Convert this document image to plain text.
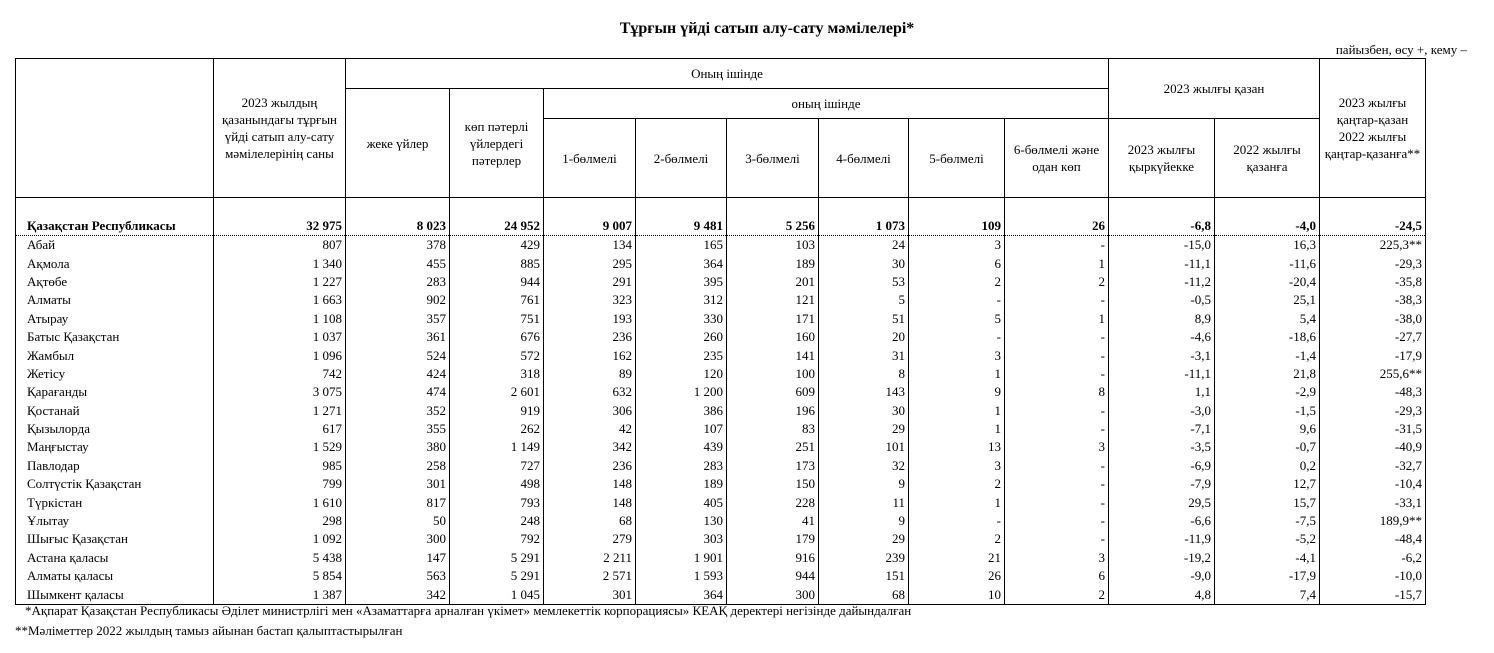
Тұрғын үйді сатып алу-сату мәмілелері*
пайызбен, өсу +, кему –
	2023 жылдың қазанындағы тұрғын үйді сатып алу-сату мәмілелерінің саны	Оның ішінде								2023 жылғы қазан		2023 жылғы қаңтар-қазан 2022 жылғы қаңтар-қазанға**
		жеке үйлер	көп пәтерлі үйлердегі пәтерлер	оның ішінде								
				1-бөлмелі	2-бөлмелі	3-бөлмелі	4-бөлмелі	5-бөлмелі	6-бөлмелі және одан көп	2023 жылғы қыркүйекке	2022 жылғы қазанға	
Қазақстан Республикасы	32 975	8 023	24 952	9 007	9 481	5 256	1 073	109	26	-6,8	-4,0	-24,5
Абай	807	378	429	134	165	103	24	3	-	-15,0	16,3	225,3**
Ақмола	1 340	455	885	295	364	189	30	6	1	-11,1	-11,6	-29,3
Ақтөбе	1 227	283	944	291	395	201	53	2	2	-11,2	-20,4	-35,8
Алматы	1 663	902	761	323	312	121	5	-	-	-0,5	25,1	-38,3
Атырау	1 108	357	751	193	330	171	51	5	1	8,9	5,4	-38,0
Батыс Қазақстан	1 037	361	676	236	260	160	20	-	-	-4,6	-18,6	-27,7
Жамбыл	1 096	524	572	162	235	141	31	3	-	-3,1	-1,4	-17,9
Жетісу	742	424	318	89	120	100	8	1	-	-11,1	21,8	255,6**
Қарағанды	3 075	474	2 601	632	1 200	609	143	9	8	1,1	-2,9	-48,3
Қостанай	1 271	352	919	306	386	196	30	1	-	-3,0	-1,5	-29,3
Қызылорда	617	355	262	42	107	83	29	1	-	-7,1	9,6	-31,5
Маңғыстау	1 529	380	1 149	342	439	251	101	13	3	-3,5	-0,7	-40,9
Павлодар	985	258	727	236	283	173	32	3	-	-6,9	0,2	-32,7
Солтүстік Қазақстан	799	301	498	148	189	150	9	2	-	-7,9	12,7	-10,4
Түркістан	1 610	817	793	148	405	228	11	1	-	29,5	15,7	-33,1
Ұлытау	298	50	248	68	130	41	9	-	-	-6,6	-7,5	189,9**
Шығыс Қазақстан	1 092	300	792	279	303	179	29	2	-	-11,9	-5,2	-48,4
Астана қаласы	5 438	147	5 291	2 211	1 901	916	239	21	3	-19,2	-4,1	-6,2
Алматы қаласы	5 854	563	5 291	2 571	1 593	944	151	26	6	-9,0	-17,9	-10,0
Шымкент қаласы	1 387	342	1 045	301	364	300	68	10	2	4,8	7,4	-15,7
*Ақпарат Қазақстан Республикасы Әділет министрлігі мен «Азаматтарға арналған үкімет» мемлекеттік корпорациясы» КЕАҚ деректері негізінде дайындалған
**Мәліметтер 2022 жылдың тамыз айынан бастап қалыптастырылған
